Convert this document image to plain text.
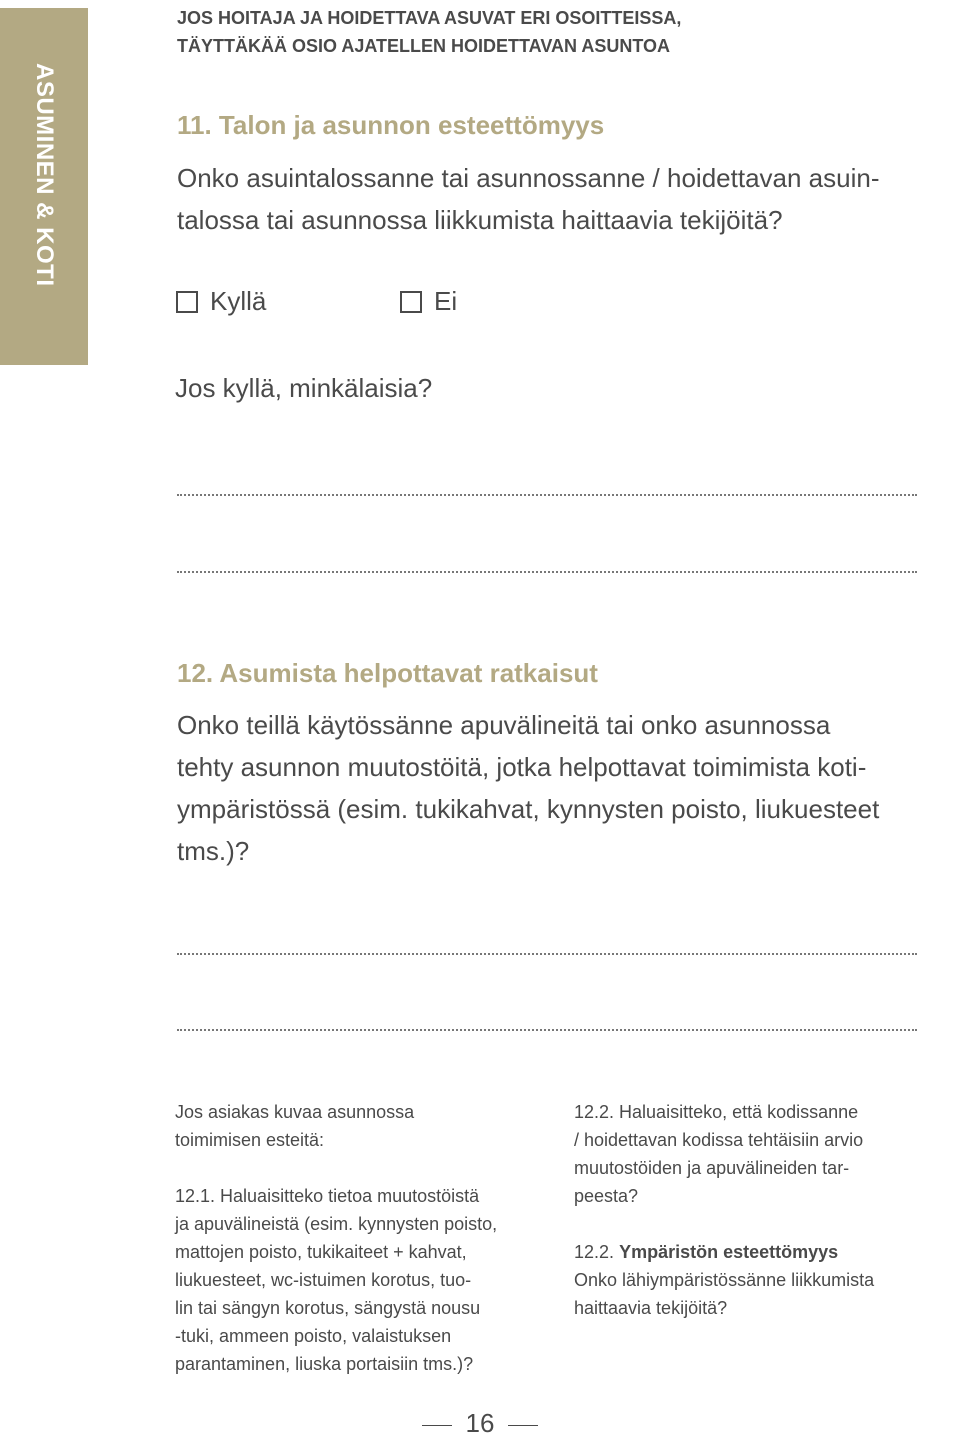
ASUMINEN & KOTI
JOS HOITAJA JA HOIDETTAVA ASUVAT ERI OSOITTEISSA,
TÄYTTÄKÄÄ OSIO AJATELLEN HOIDETTAVAN ASUNTOA
11. Talon ja asunnon esteettömyys
Onko asuintalossanne tai asunnossanne / hoidettavan asuin-
talossa tai asunnossa liikkumista haittaavia tekijöitä?
Kyllä	Ei
Jos kyllä, minkälaisia?
12. Asumista helpottavat ratkaisut
Onko teillä käytössänne apuvälineitä tai onko asunnossa
tehty asunnon muutostöitä, jotka helpottavat toimimista koti-
ympäristössä (esim. tukikahvat, kynnysten poisto, liukuesteet
tms.)?
Jos asiakas kuvaa asunnossa
toimimisen esteitä:
12.1. Haluaisitteko tietoa muutostöistä
ja apuvälineistä (esim. kynnysten poisto,
mattojen poisto, tukikaiteet + kahvat,
liukuesteet, wc-istuimen korotus, tuo-
lin tai sängyn korotus, sängystä nousu
-tuki, ammeen poisto, valaistuksen
parantaminen, liuska portaisiin tms.)?
12.2. Haluaisitteko, että kodissanne
/ hoidettavan kodissa tehtäisiin arvio
muutostöiden ja apuvälineiden tar-
peesta?
12.2. Ympäristön esteettömyys
Onko lähiympäristössänne liikkumista
haittaavia tekijöitä?
16
